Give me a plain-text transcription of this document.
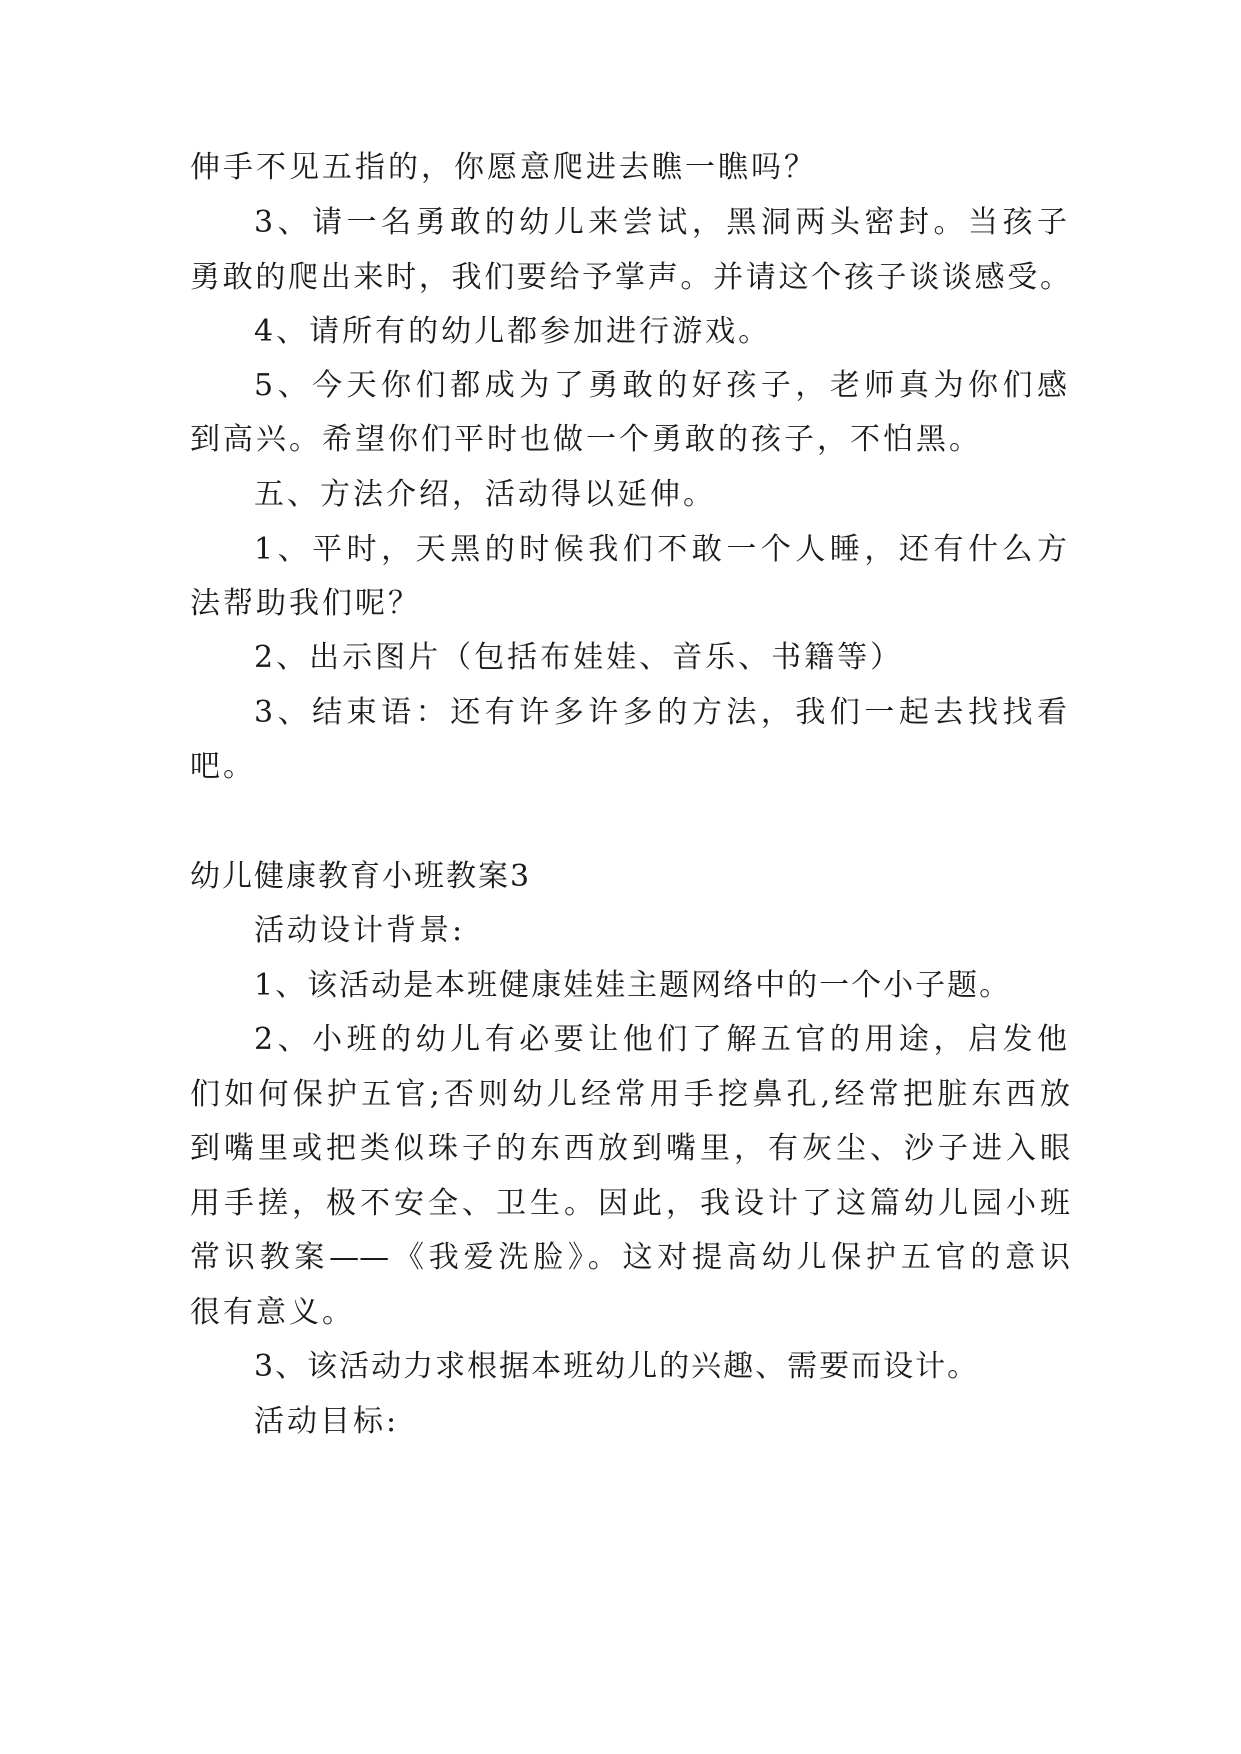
伸手不见五指的，你愿意爬进去瞧一瞧吗？
3、请一名勇敢的幼儿来尝试，黑洞两头密封。当孩子
勇敢的爬出来时，我们要给予掌声。并请这个孩子谈谈感受。
4、请所有的幼儿都参加进行游戏。
5、今天你们都成为了勇敢的好孩子，老师真为你们感
到高兴。希望你们平时也做一个勇敢的孩子，不怕黑。
五、方法介绍，活动得以延伸。
1、平时，天黑的时候我们不敢一个人睡，还有什么方
法帮助我们呢？
2、出示图片（包括布娃娃、音乐、书籍等）
3、结束语：还有许多许多的方法，我们一起去找找看
吧。
幼儿健康教育小班教案3
活动设计背景:
1、该活动是本班健康娃娃主题网络中的一个小子题。
2、小班的幼儿有必要让他们了解五官的用途，启发他
们如何保护五官;否则幼儿经常用手挖鼻孔,经常把脏东西放
到嘴里或把类似珠子的东西放到嘴里，有灰尘、沙子进入眼
用手搓，极不安全、卫生。因此，我设计了这篇幼儿园小班
常识教案——《我爱洗脸》。这对提高幼儿保护五官的意识
很有意义。
3、该活动力求根据本班幼儿的兴趣、需要而设计。
活动目标:
